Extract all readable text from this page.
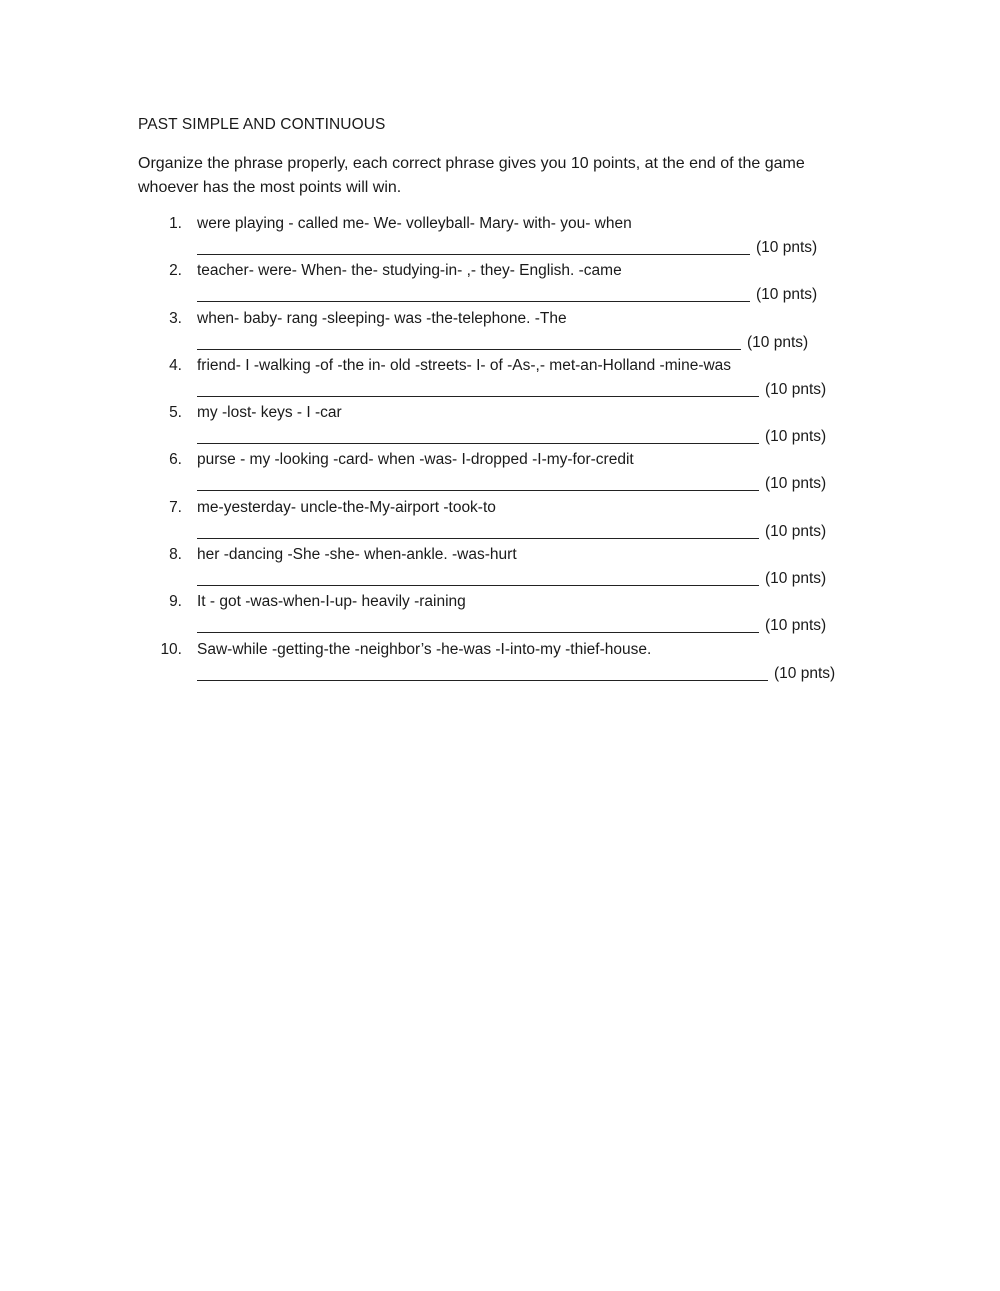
PAST SIMPLE AND CONTINUOUS
Organize the phrase properly, each correct phrase gives you 10 points, at the end of the game whoever has the most points will win.
1. were playing - called me- We- volleyball- Mary- with- you- when
(10 pnts)
2. teacher- were- When- the- studying-in- ,- they- English. -came
(10 pnts)
3. when- baby- rang -sleeping- was -the-telephone. -The
(10 pnts)
4. friend- I -walking -of -the in- old -streets- I- of -As-,- met-an-Holland -mine-was
(10 pnts)
5. my -lost- keys - I -car
(10 pnts)
6. purse - my -looking -card- when -was- I-dropped -I-my-for-credit
(10 pnts)
7. me-yesterday- uncle-the-My-airport -took-to
(10 pnts)
8. her -dancing -She -she- when-ankle. -was-hurt
(10 pnts)
9. It - got -was-when-I-up- heavily -raining
(10 pnts)
10. Saw-while -getting-the -neighbor’s -he-was -I-into-my -thief-house.
(10 pnts)
